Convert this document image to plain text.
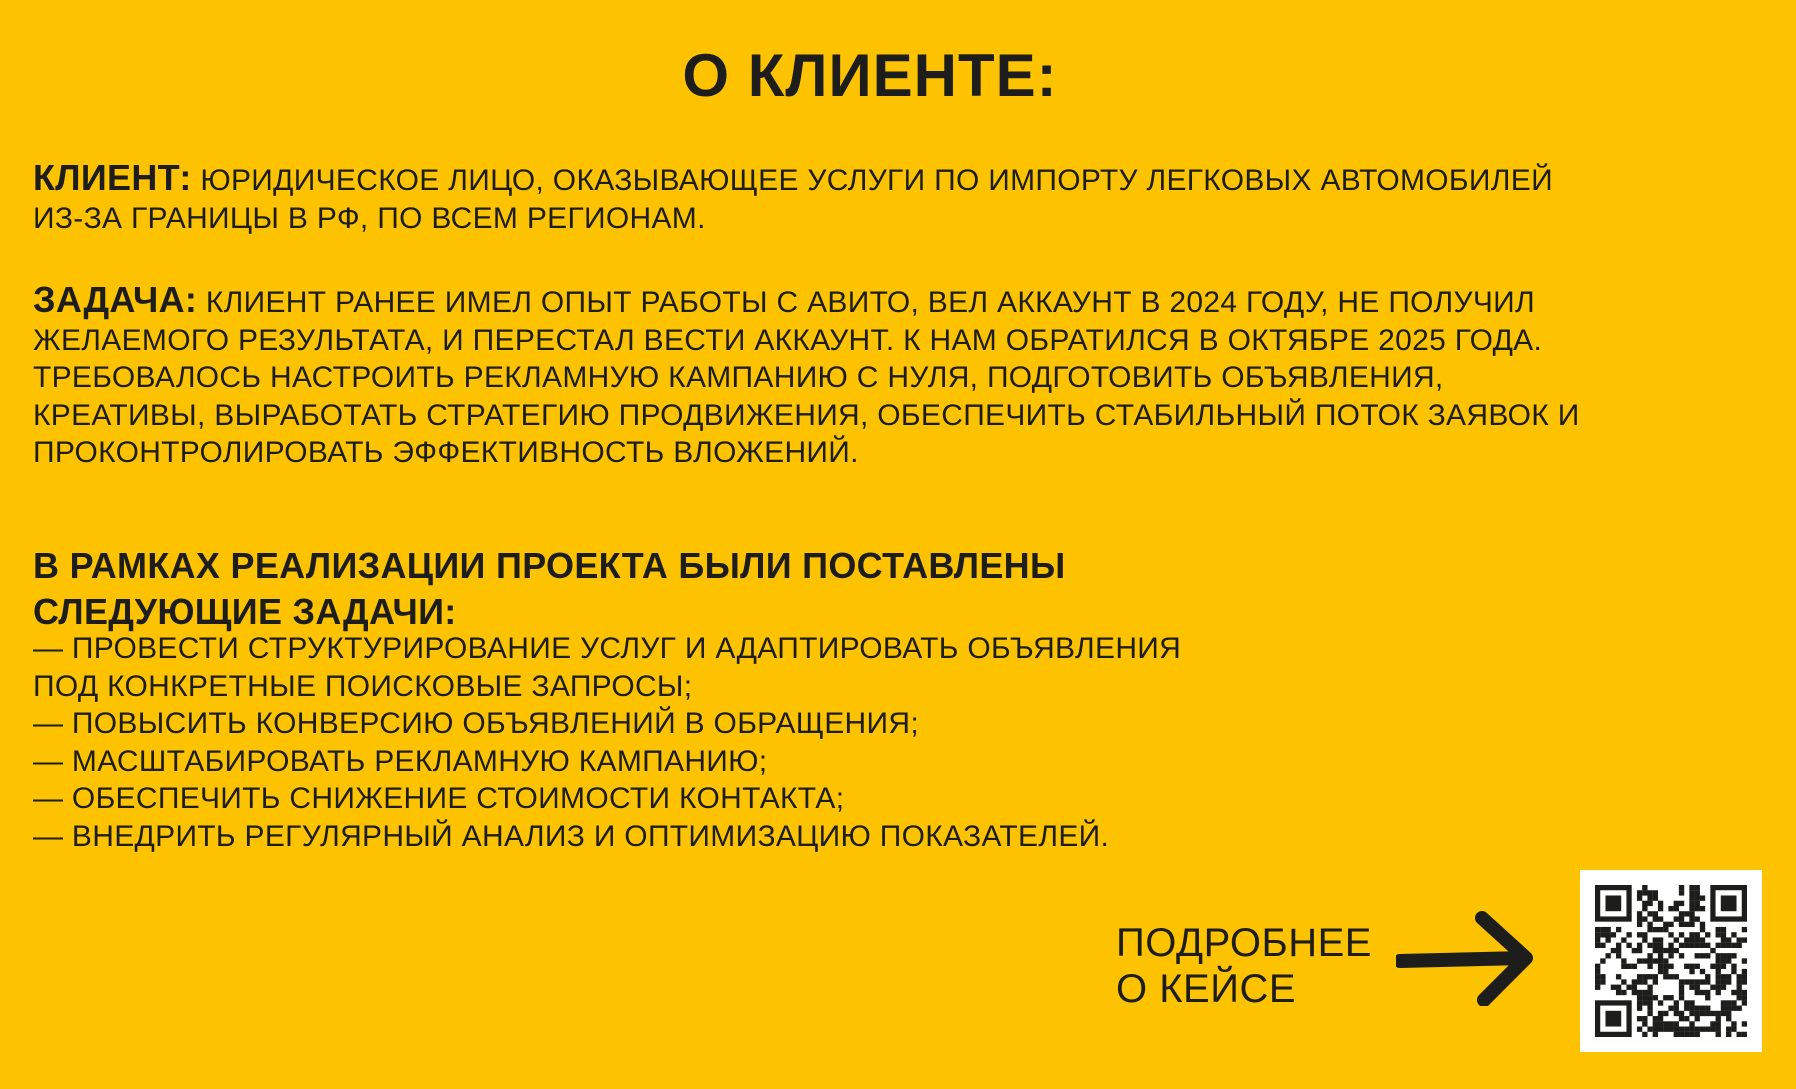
О КЛИЕНТЕ:

КЛИЕНТ: ЮРИДИЧЕСКОЕ ЛИЦО, ОКАЗЫВАЮЩЕЕ УСЛУГИ ПО ИМПОРТУ ЛЕГКОВЫХ АВТОМОБИЛЕЙ ИЗ-ЗА ГРАНИЦЫ В РФ, ПО ВСЕМ РЕГИОНАМ.

ЗАДАЧА: КЛИЕНТ РАНЕЕ ИМЕЛ ОПЫТ РАБОТЫ С АВИТО, ВЕЛ АККАУНТ В 2024 ГОДУ, НЕ ПОЛУЧИЛ ЖЕЛАЕМОГО РЕЗУЛЬТАТА, И ПЕРЕСТАЛ ВЕСТИ АККАУНТ. К НАМ ОБРАТИЛСЯ В ОКТЯБРЕ 2025 ГОДА. ТРЕБОВАЛОСЬ НАСТРОИТЬ РЕКЛАМНУЮ КАМПАНИЮ С НУЛЯ, ПОДГОТОВИТЬ ОБЪЯВЛЕНИЯ, КРЕАТИВЫ, ВЫРАБОТАТЬ СТРАТЕГИЮ ПРОДВИЖЕНИЯ, ОБЕСПЕЧИТЬ СТАБИЛЬНЫЙ ПОТОК ЗАЯВОК И ПРОКОНТРОЛИРОВАТЬ ЭФФЕКТИВНОСТЬ ВЛОЖЕНИЙ.

В РАМКАХ РЕАЛИЗАЦИИ ПРОЕКТА БЫЛИ ПОСТАВЛЕНЫ
СЛЕДУЮЩИЕ ЗАДАЧИ:
— ПРОВЕСТИ СТРУКТУРИРОВАНИЕ УСЛУГ И АДАПТИРОВАТЬ ОБЪЯВЛЕНИЯ
ПОД КОНКРЕТНЫЕ ПОИСКОВЫЕ ЗАПРОСЫ;
— ПОВЫСИТЬ КОНВЕРСИЮ ОБЪЯВЛЕНИЙ В ОБРАЩЕНИЯ;
— МАСШТАБИРОВАТЬ РЕКЛАМНУЮ КАМПАНИЮ;
— ОБЕСПЕЧИТЬ СНИЖЕНИЕ СТОИМОСТИ КОНТАКТА;
— ВНЕДРИТЬ РЕГУЛЯРНЫЙ АНАЛИЗ И ОПТИМИЗАЦИЮ ПОКАЗАТЕЛЕЙ.
ПОДРОБНЕЕ
О КЕЙСЕ
